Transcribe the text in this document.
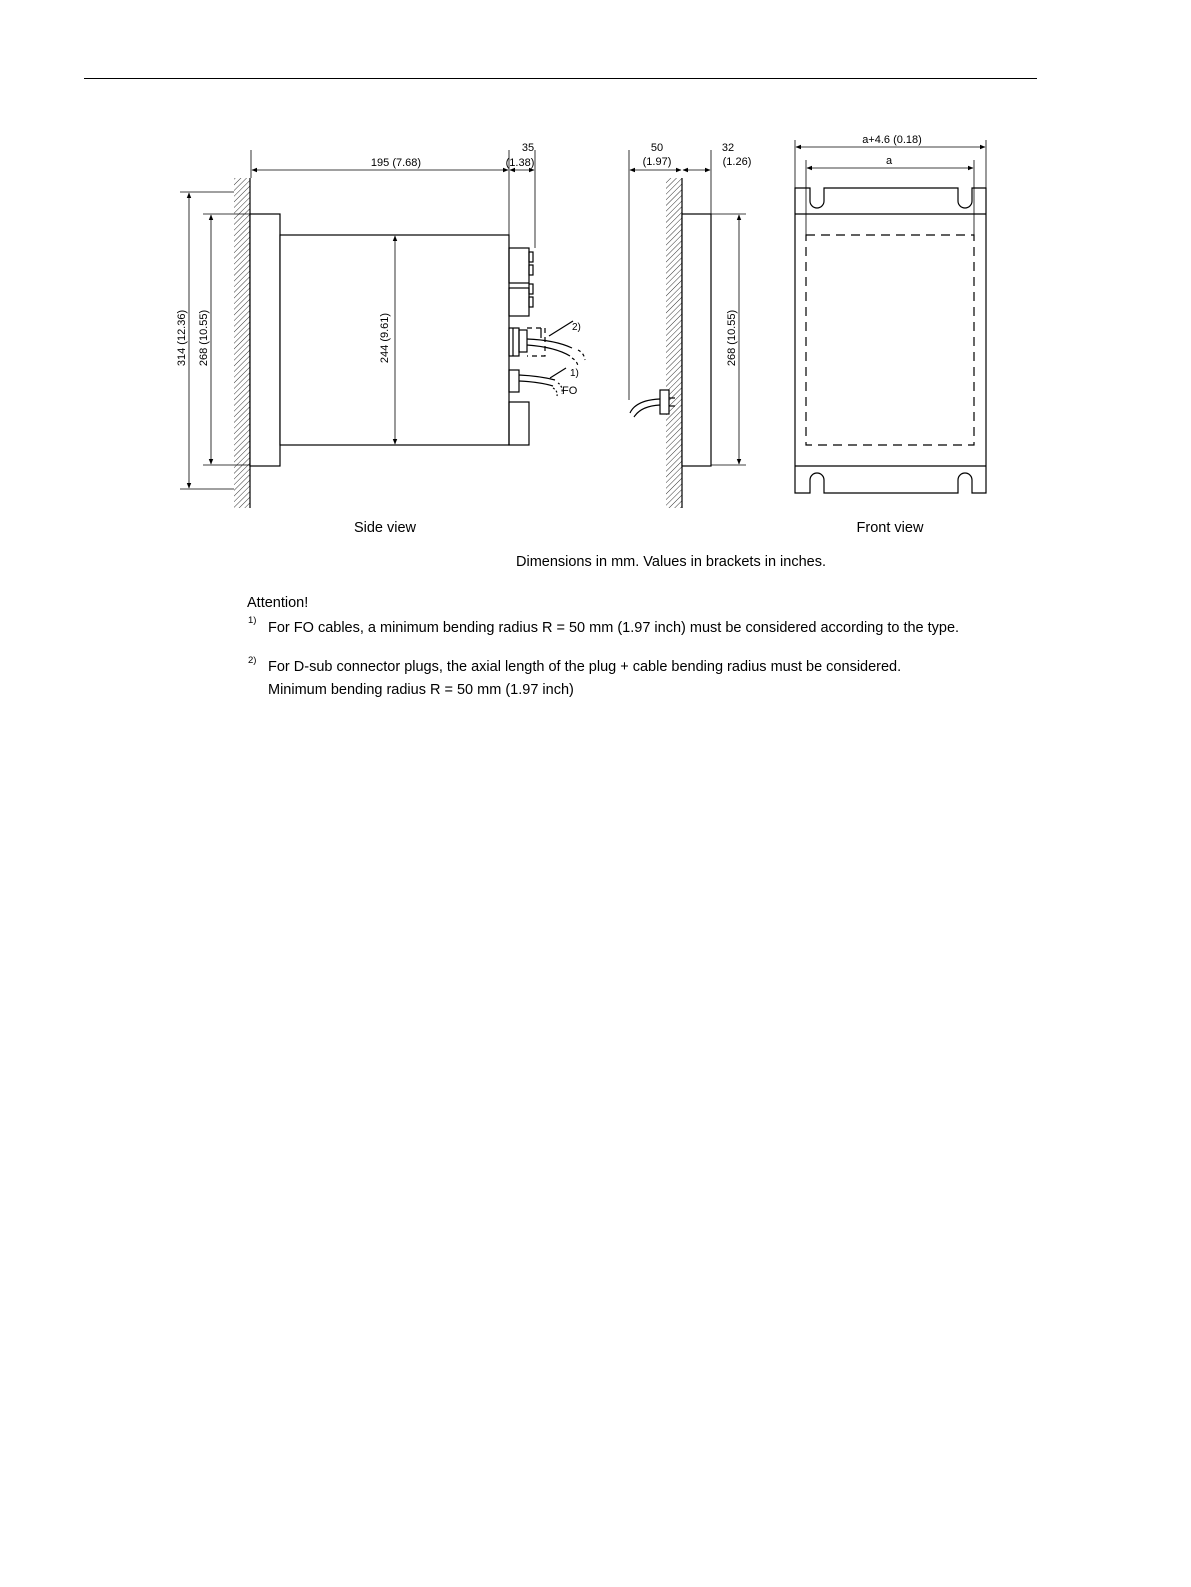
195 (7.68)
35
(1.38)
314 (12.36) 268 (10.55)	244 (9.61)	2)
1)
FO
50
(1.97)
32
(1.26)
268 (10.55)
a+4.6 (0.18)
a
Side view	Front view
Dimensions in mm. Values in brackets in inches.
Attention!
1) For FO cables, a minimum bending radius R = 50 mm (1.97 inch) must be considered according to the type.
2) For D-sub connector plugs, the axial length of the plug + cable bending radius must be considered.
Minimum bending radius R = 50 mm (1.97 inch)
